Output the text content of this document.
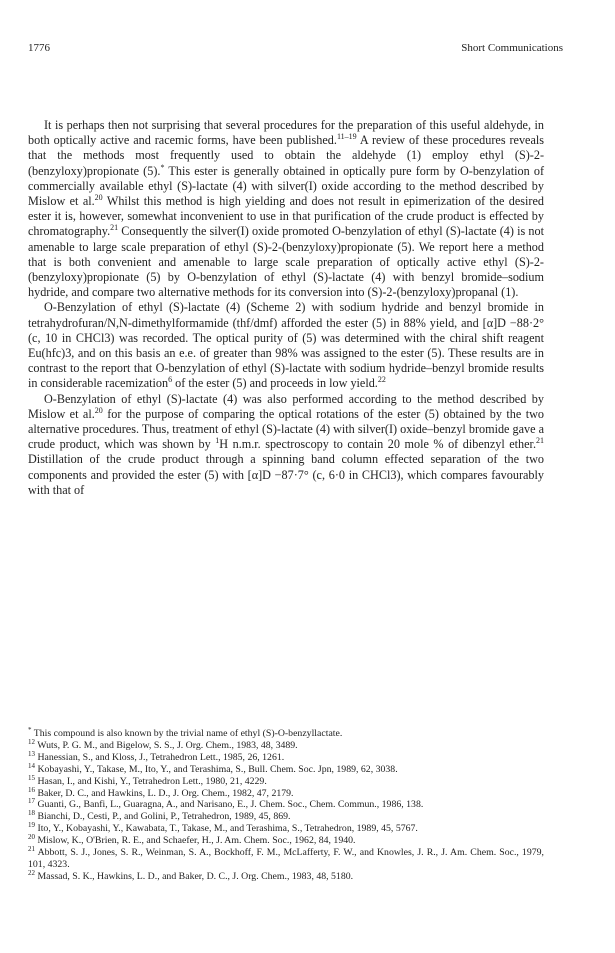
1776	Short Communications

It is perhaps then not surprising that several procedures for the preparation of this useful aldehyde, in both optically active and racemic forms, have been published.$^{11-19}$ A review of these procedures reveals that the methods most frequently used to obtain the aldehyde (1) employ ethyl (S)-2-(benzyloxy)propionate (5).* This ester is generally obtained in optically pure form by O-benzylation of commercially available ethyl (S)-lactate (4) with silver(I) oxide according to the method described by Mislow et al.$^{20}$ Whilst this method is high yielding and does not result in epimerization of the desired ester it is, however, somewhat inconvenient to use in that purification of the crude product is effected by chromatography.$^{21}$ Consequently the silver(I) oxide promoted O-benzylation of ethyl (S)-lactate (4) is not amenable to large scale preparation of ethyl (S)-2-(benzyloxy)propionate (5). We report here a method that is both convenient and amenable to large scale preparation of optically active ethyl (S)-2-(benzyloxy)propionate (5) by O-benzylation of ethyl (S)-lactate (4) with benzyl bromide–sodium hydride, and compare two alternative methods for its conversion into (S)-2-(benzyloxy)propanal (1).

O-Benzylation of ethyl (S)-lactate (4) (Scheme 2) with sodium hydride and benzyl bromide in tetrahydrofuran/N,N-dimethylformamide (thf/dmf) afforded the ester (5) in 88% yield, and [α]D −88·2° (c, 10 in CHCl3) was recorded. The optical purity of (5) was determined with the chiral shift reagent Eu(hfc)3, and on this basis an e.e. of greater than 98% was assigned to the ester (5). These results are in contrast to the report that O-benzylation of ethyl (S)-lactate with sodium hydride–benzyl bromide results in considerable racemization$^6$ of the ester (5) and proceeds in low yield.$^{22}$

O-Benzylation of ethyl (S)-lactate (4) was also performed according to the method described by Mislow et al.$^{20}$ for the purpose of comparing the optical rotations of the ester (5) obtained by the two alternative procedures. Thus, treatment of ethyl (S)-lactate (4) with silver(I) oxide–benzyl bromide gave a crude product, which was shown by $^1$H n.m.r. spectroscopy to contain 20 mole % of dibenzyl ether.$^{21}$ Distillation of the crude product through a spinning band column effected separation of the two components and provided the ester (5) with [α]D −87·7° (c, 6·0 in CHCl3), which compares favourably with that of

* This compound is also known by the trivial name of ethyl (S)-O-benzyllactate.

$^{12}$ Wuts, P. G. M., and Bigelow, S. S., J. Org. Chem., 1983, 48, 3489.

$^{13}$ Hanessian, S., and Kloss, J., Tetrahedron Lett., 1985, 26, 1261.

$^{14}$ Kobayashi, Y., Takase, M., Ito, Y., and Terashima, S., Bull. Chem. Soc. Jpn, 1989, 62, 3038.

$^{15}$ Hasan, I., and Kishi, Y., Tetrahedron Lett., 1980, 21, 4229.

$^{16}$ Baker, D. C., and Hawkins, L. D., J. Org. Chem., 1982, 47, 2179.

$^{17}$ Guanti, G., Banfi, L., Guaragna, A., and Narisano, E., J. Chem. Soc., Chem. Commun., 1986, 138.

$^{18}$ Bianchi, D., Cesti, P., and Golini, P., Tetrahedron, 1989, 45, 869.

$^{19}$ Ito, Y., Kobayashi, Y., Kawabata, T., Takase, M., and Terashima, S., Tetrahedron, 1989, 45, 5767.

$^{20}$ Mislow, K., O'Brien, R. E., and Schaefer, H., J. Am. Chem. Soc., 1962, 84, 1940.

$^{21}$ Abbott, S. J., Jones, S. R., Weinman, S. A., Bockhoff, F. M., McLafferty, F. W., and Knowles, J. R., J. Am. Chem. Soc., 1979, 101, 4323.

$^{22}$ Massad, S. K., Hawkins, L. D., and Baker, D. C., J. Org. Chem., 1983, 48, 5180.
